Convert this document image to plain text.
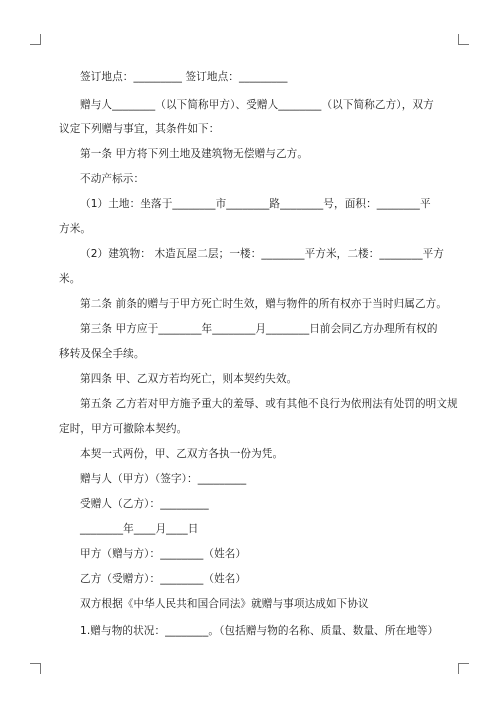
签订地点：_________ 签订地点：_________
赠与人________（以下简称甲方）、受赠人________（以下简称乙方），双方
议定下列赠与事宜，其条件如下：
第一条 甲方将下列土地及建筑物无偿赠与乙方。
不动产标示：
（1）土地：坐落于________市________路________号，面积：________平
方米。
（2）建筑物： 木造瓦屋二层；一楼：________平方米，二楼：________平方
米。
第二条 前条的赠与于甲方死亡时生效，赠与物件的所有权亦于当时归属乙方。
第三条 甲方应于________年________月________日前会同乙方办理所有权的
移转及保全手续。
第四条 甲、乙双方若均死亡，则本契约失效。
第五条 乙方若对甲方施予重大的羞辱、或有其他不良行为依刑法有处罚的明文规
定时，甲方可撤除本契约。
本契一式两份，甲、乙双方各执一份为凭。
赠与人（甲方）（签字）：_________
受赠人（乙方）：_________
________年____月____日
甲方（赠与方）：________（姓名）
乙方（受赠方）：________（姓名）
双方根据《中华人民共和国合同法》就赠与事项达成如下协议
1.赠与物的状况：________。（包括赠与物的名称、质量、数量、所在地等）
